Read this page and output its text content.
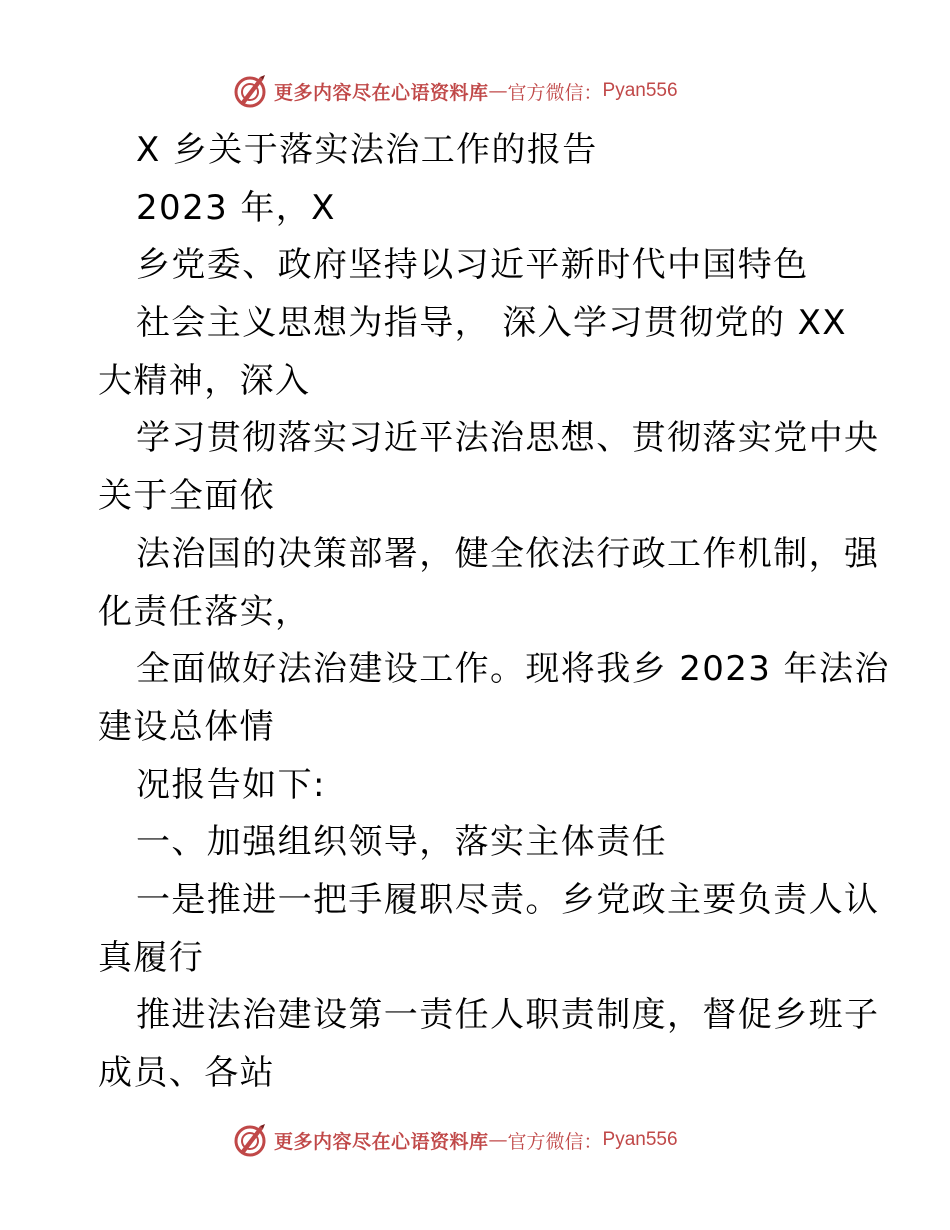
更多内容尽在心语资料库 — 官方微信： Pyan556

X 乡关于落实法治工作的报告

2023 年，X

乡党委、政府坚持以习近平新时代中国特色

社会主义思想为指导， 深入学习贯彻党的 XX

大精神，深入

学习贯彻落实习近平法治思想、贯彻落实党中央

关于全面依

法治国的决策部署，健全依法行政工作机制，强

化责任落实，

全面做好法治建设工作。现将我乡 2023 年法治

建设总体情

况报告如下:

一、加强组织领导，落实主体责任

一是推进一把手履职尽责。乡党政主要负责人认

真履行

推进法治建设第一责任人职责制度，督促乡班子

成员、各站

更多内容尽在心语资料库 — 官方微信： Pyan556
